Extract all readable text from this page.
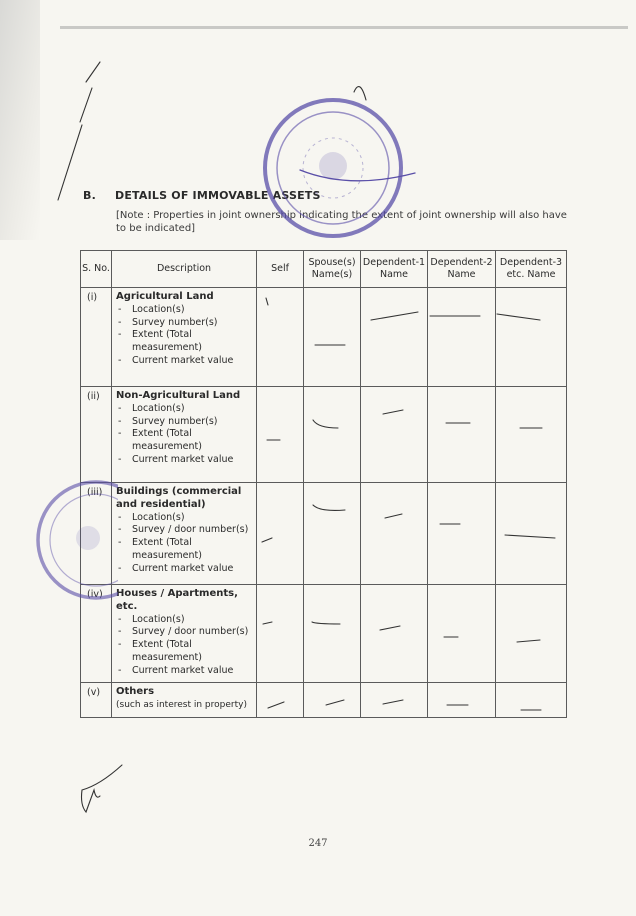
B. DETAILS OF IMMOVABLE ASSETS
[Note : Properties in joint ownership indicating the extent of joint ownership will also have to be indicated]
S. No.	Description	Self	Spouse(s) Name(s)	Dependent-1 Name	Dependent-2 Name	Dependent-3 etc. Name
(i)	Agricultural Land
- Location(s)
- Survey number(s)
- Extent (Total measurement)
- Current market value

(ii)	Non-Agricultural Land
- Location(s)
- Survey number(s)
- Extent (Total measurement)
- Current market value

(iii)	Buildings (commercial and residential)
- Location(s)
- Survey / door number(s)
- Extent (Total measurement)
- Current market value

(iv)	Houses / Apartments, etc.
- Location(s)
- Survey / door number(s)
- Extent (Total measurement)
- Current market value

(v)	Others
(such as interest in property)					

247
